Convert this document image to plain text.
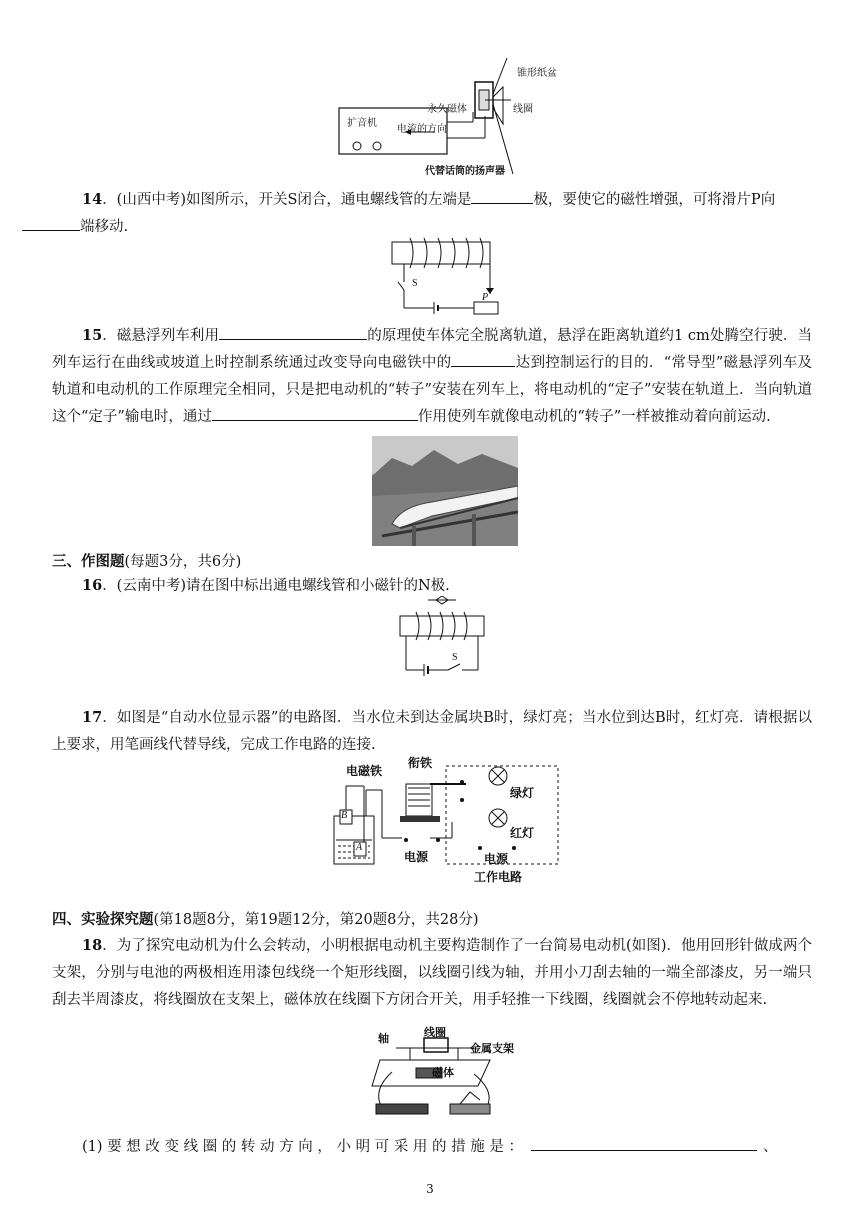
扩音机
锥形纸盆
永久磁体	线圈
电流的方向
代替话筒的扬声器
14．(山西中考)如图所示，开关S闭合，通电螺线管的左端是	极，要使它的磁性增强，可将滑片P向
端移动.
S
P
15．磁悬浮列车利用	的原理使车体完全脱离轨道，悬浮在距离轨道约1 cm处腾空行驶．当列车运行在曲线或坡道上时控制系统通过改变导向电磁铁中的	达到控制运行的目的．“常导型”磁悬浮列车及轨道和电动机的工作原理完全相同，只是把电动机的“转子”安装在列车上，将电动机的“定子”安装在轨道上．当向轨道这个“定子”输电时，通过	作用使列车就像电动机的“转子”一样被推动着向前运动.
三、作图题(每题3分，共6分)
16．(云南中考)请在图中标出通电螺线管和小磁针的N极.
S
17．如图是“自动水位显示器”的电路图．当水位未到达金属块B时，绿灯亮；当水位到达B时，红灯亮．请根据以上要求，用笔画线代替导线，完成工作电路的连接.
电磁铁
衔铁
绿灯
红灯
电源	电源
工作电路
B
A
四、实验探究题(第18题8分，第19题12分，第20题8分，共28分)
18．为了探究电动机为什么会转动，小明根据电动机主要构造制作了一台简易电动机(如图)．他用回形针做成两个支架，分别与电池的两极相连用漆包线绕一个矩形线圈，以线圈引线为轴，并用小刀刮去轴的一端全部漆皮，另一端只刮去半周漆皮，将线圈放在支架上，磁体放在线圈下方闭合开关，用手轻推一下线圈，线圈就会不停地转动起来.
轴	线圈
金属支架
磁体
(1) 要 想 改 变 线 圈 的 转 动 方 向 ， 小 明 可 采 用 的 措 施 是 ：	、
3
